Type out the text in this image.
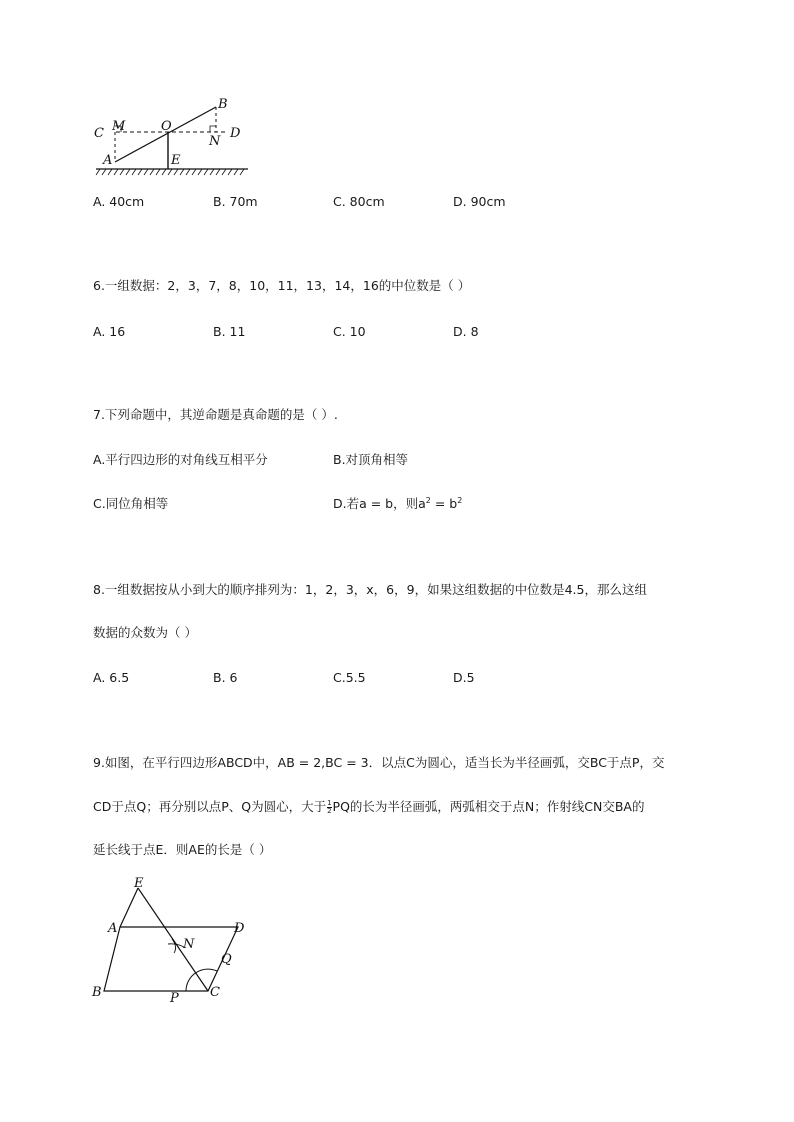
B
C M	O	D
N
A	E
A. 40cm	B. 70m	C. 80cm	D. 90cm
6.一组数据：2，3，7，8，10，11，13，14，16的中位数是（ ）
A. 16	B. 11	C. 10	D. 8
7.下列命题中，其逆命题是真命题的是（ ）.
A.平行四边形的对角线互相平分	B.对顶角相等
C.同位角相等	D.若a = b，则$a^2 = b^2$
8.一组数据按从小到大的顺序排列为：1，2，3，x，6，9，如果这组数据的中位数是4.5，那么这组
数据的众数为（ ）
A. 6.5	B. 6	C.5.5	D.5
9.如图，在平行四边形ABCD中，AB = 2,BC = 3．以点C为圆心，适当长为半径画弧，交BC于点P，交
CD于点Q；再分别以点P、Q为圆心，大于 $\frac{1}{2}$ PQ的长为半径画弧，两弧相交于点N；作射线CN交BA的
延长线于点E．则AE的长是（ ）
E
A	D
N
Q
B	P C
